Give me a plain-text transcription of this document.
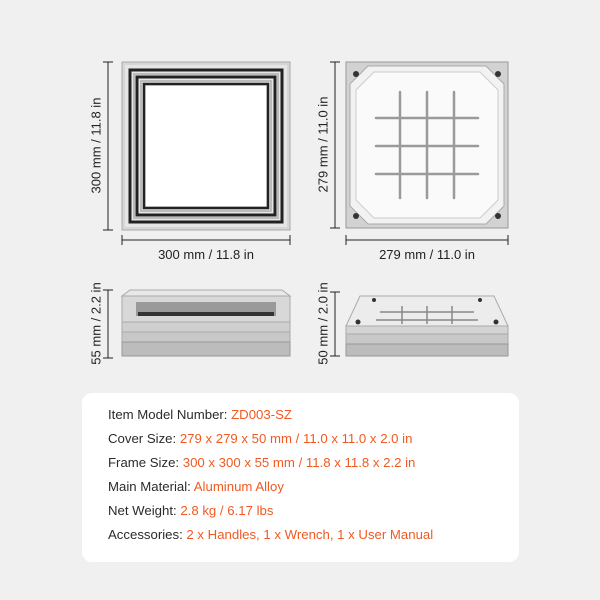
300 mm / 11.8 in
300 mm / 11.8 in
279 mm / 11.0 in
279 mm / 11.0 in
55 mm / 2.2 in	50 mm / 2.0 in
Item Model Number: ZD003-SZ
Cover Size: 279 x 279 x 50 mm / 11.0 x 11.0 x 2.0 in
Frame Size: 300 x 300 x 55 mm / 11.8 x 11.8 x 2.2 in
Main Material: Aluminum Alloy
Net Weight: 2.8 kg / 6.17 lbs
Accessories: 2 x Handles, 1 x Wrench, 1 x User Manual
